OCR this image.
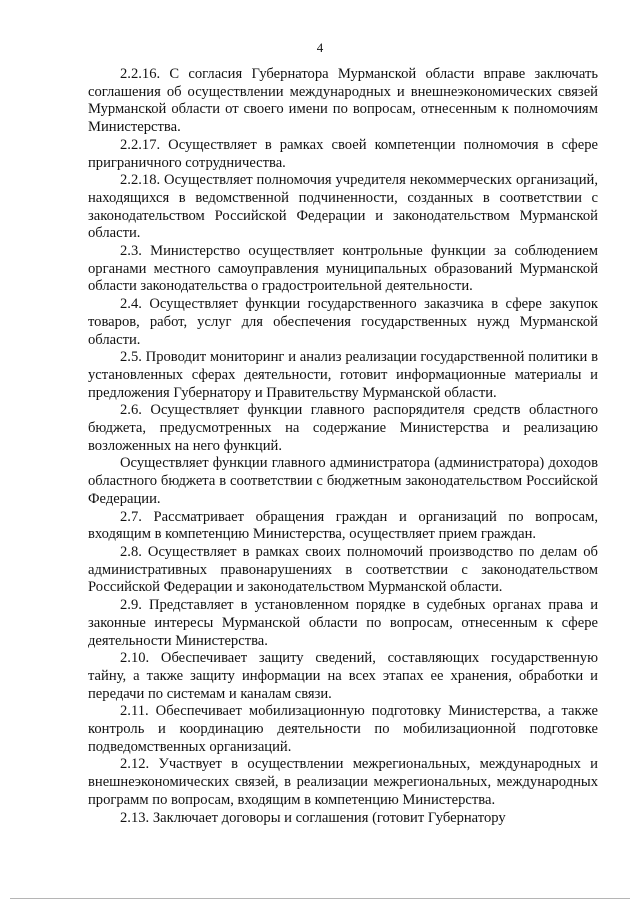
4

2.2.16. С согласия Губернатора Мурманской области вправе заключать соглашения об осуществлении международных и внешнеэкономических связей Мурманской области от своего имени по вопросам, отнесенным к полномочиям Министерства.

2.2.17. Осуществляет в рамках своей компетенции полномочия в сфере приграничного сотрудничества.

2.2.18. Осуществляет полномочия учредителя некоммерческих организаций, находящихся в ведомственной подчиненности, созданных в соответствии с законодательством Российской Федерации и законодательством Мурманской области.

2.3. Министерство осуществляет контрольные функции за соблюдением органами местного самоуправления муниципальных образований Мурманской области законодательства о градостроительной деятельности.

2.4. Осуществляет функции государственного заказчика в сфере закупок товаров, работ, услуг для обеспечения государственных нужд Мурманской области.

2.5. Проводит мониторинг и анализ реализации государственной политики в установленных сферах деятельности, готовит информационные материалы и предложения Губернатору и Правительству Мурманской области.

2.6. Осуществляет функции главного распорядителя средств областного бюджета, предусмотренных на содержание Министерства и реализацию возложенных на него функций.

Осуществляет функции главного администратора (администратора) доходов областного бюджета в соответствии с бюджетным законодательством Российской Федерации.

2.7. Рассматривает обращения граждан и организаций по вопросам, входящим в компетенцию Министерства, осуществляет прием граждан.

2.8. Осуществляет в рамках своих полномочий производство по делам об административных правонарушениях в соответствии с законодательством Российской Федерации и законодательством Мурманской области.

2.9. Представляет в установленном порядке в судебных органах права и законные интересы Мурманской области по вопросам, отнесенным к сфере деятельности Министерства.

2.10. Обеспечивает защиту сведений, составляющих государственную тайну, а также защиту информации на всех этапах ее хранения, обработки и передачи по системам и каналам связи.

2.11. Обеспечивает мобилизационную подготовку Министерства, а также контроль и координацию деятельности по мобилизационной подготовке подведомственных организаций.

2.12. Участвует в осуществлении межрегиональных, международных и внешнеэкономических связей, в реализации межрегиональных, международных программ по вопросам, входящим в компетенцию Министерства.

2.13. Заключает договоры и соглашения (готовит Губернатору
